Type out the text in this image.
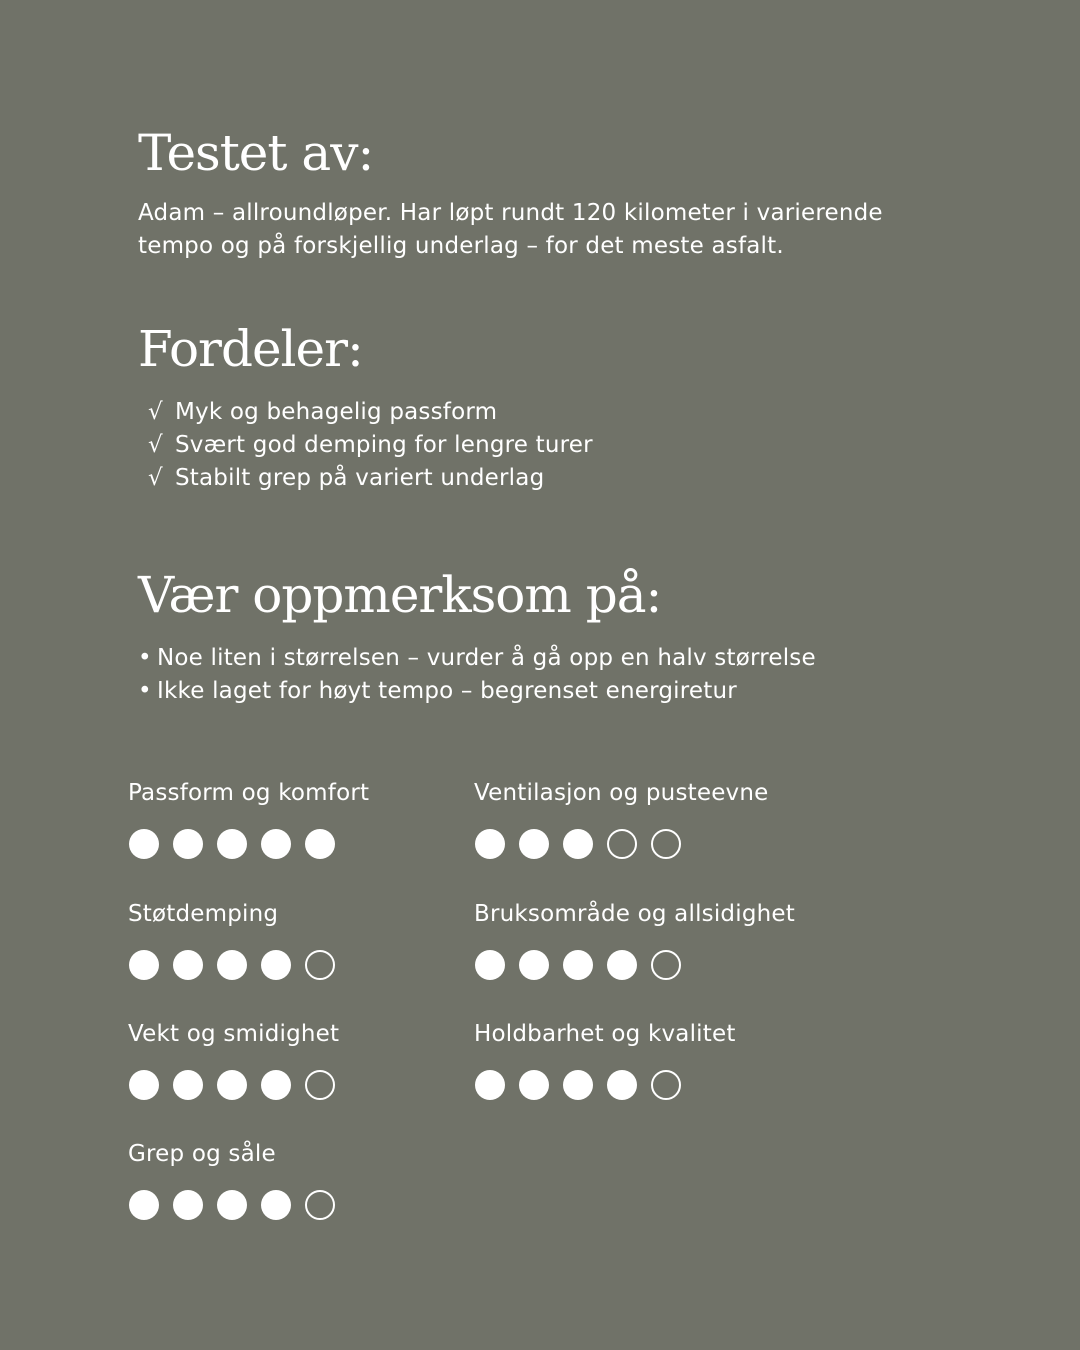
Testet av:

Adam – allroundløper. Har løpt rundt 120 kilometer i varierende tempo og på forskjellig underlag – for det meste asfalt.

Fordeler:
√ Myk og behagelig passform
√ Svært god demping for lengre turer
√ Stabilt grep på variert underlag
Vær oppmerksom på:
• Noe liten i størrelsen – vurder å gå opp en halv størrelse
• Ikke laget for høyt tempo – begrenset energiretur
Passform og komfort	Ventilasjon og pusteevne
Støtdemping	Bruksområde og allsidighet
Vekt og smidighet	Holdbarhet og kvalitet
Grep og såle
